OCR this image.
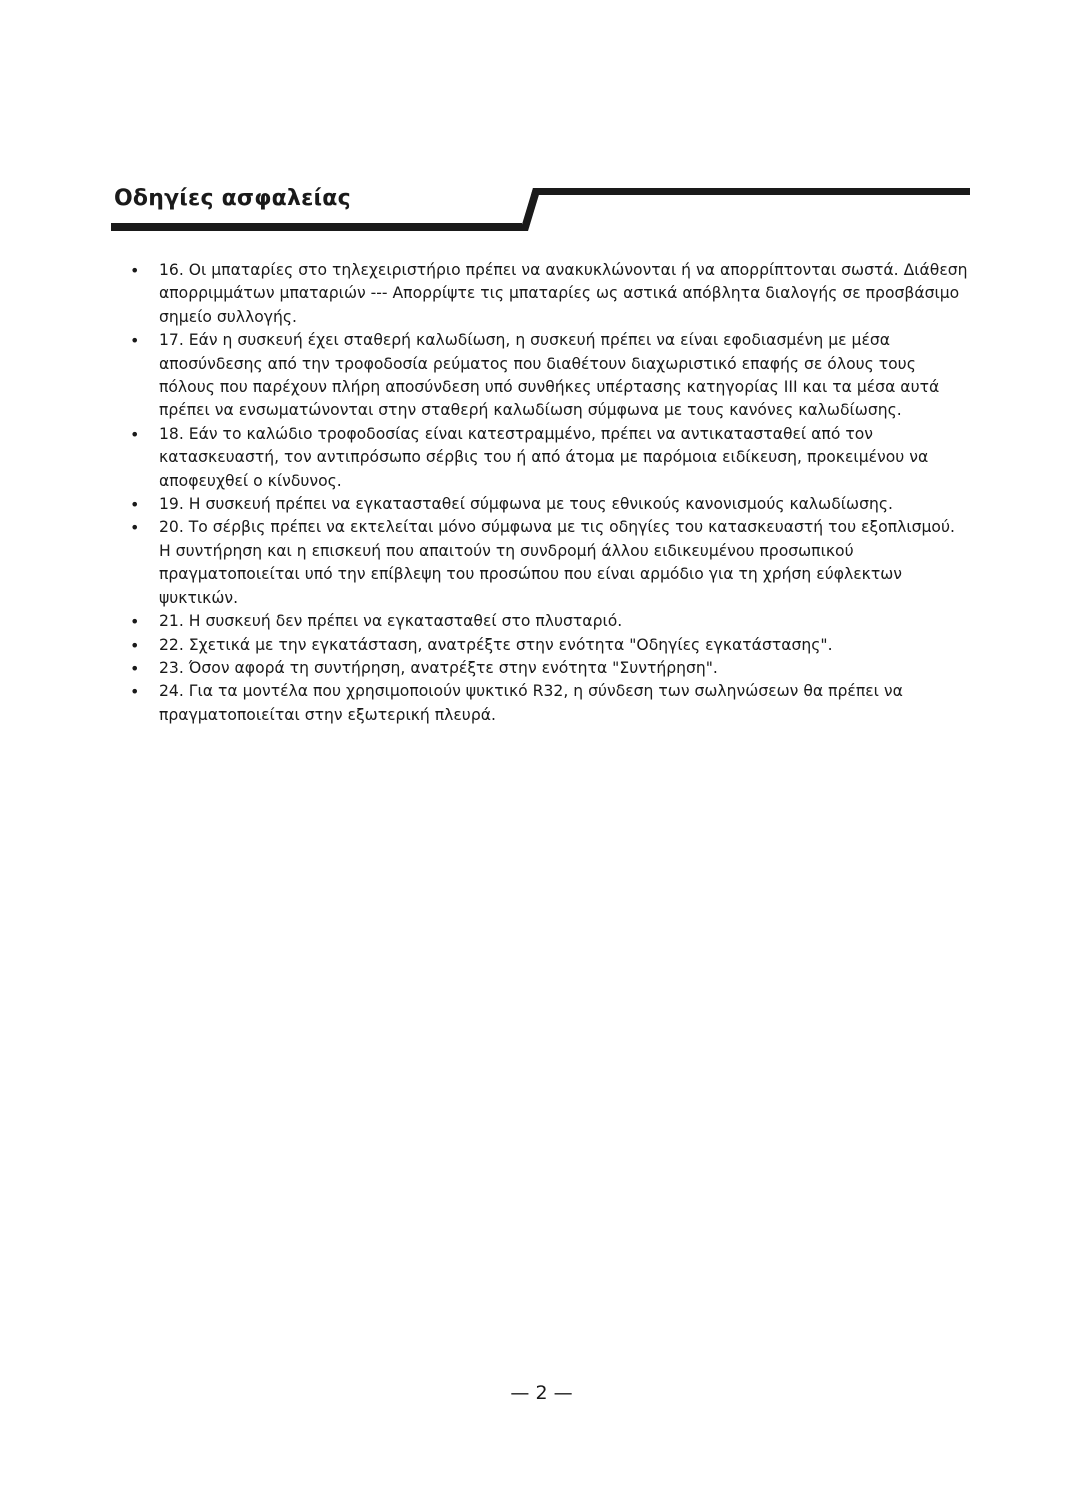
Οδηγίες ασφαλείας
•	16. Οι μπαταρίες στο τηλεχειριστήριο πρέπει να ανακυκλώνονται ή να απορρίπτονται σωστά. Διάθεση απορριμμάτων μπαταριών --- Απορρίψτε τις μπαταρίες ως αστικά απόβλητα διαλογής σε προσβάσιμο σημείο συλλογής.
•	17. Εάν η συσκευή έχει σταθερή καλωδίωση, η συσκευή πρέπει να είναι εφοδιασμένη με μέσα αποσύνδεσης από την τροφοδοσία ρεύματος που διαθέτουν διαχωριστικό επαφής σε όλους τους πόλους που παρέχουν πλήρη αποσύνδεση υπό συνθήκες υπέρτασης κατηγορίας III και τα μέσα αυτά πρέπει να ενσωματώνονται στην σταθερή καλωδίωση σύμφωνα με τους κανόνες καλωδίωσης.
•	18. Εάν το καλώδιο τροφοδοσίας είναι κατεστραμμένο, πρέπει να αντικατασταθεί από τον κατασκευαστή, τον αντιπρόσωπο σέρβις του ή από άτομα με παρόμοια ειδίκευση, προκειμένου να αποφευχθεί ο κίνδυνος.
•	19. Η συσκευή πρέπει να εγκατασταθεί σύμφωνα με τους εθνικούς κανονισμούς καλωδίωσης.
•	20. Το σέρβις πρέπει να εκτελείται μόνο σύμφωνα με τις οδηγίες του κατασκευαστή του εξοπλισμού. Η συντήρηση και η επισκευή που απαιτούν τη συνδρομή άλλου ειδικευμένου προσωπικού πραγματοποιείται υπό την επίβλεψη του προσώπου που είναι αρμόδιο για τη χρήση εύφλεκτων ψυκτικών.
•	21. Η συσκευή δεν πρέπει να εγκατασταθεί στο πλυσταριό.
•	22. Σχετικά με την εγκατάσταση, ανατρέξτε στην ενότητα "Οδηγίες εγκατάστασης".
•	23. Όσον αφορά τη συντήρηση, ανατρέξτε στην ενότητα "Συντήρηση".
•	24. Για τα μοντέλα που χρησιμοποιούν ψυκτικό R32, η σύνδεση των σωληνώσεων θα πρέπει να πραγματοποιείται στην εξωτερική πλευρά.
— 2 —
